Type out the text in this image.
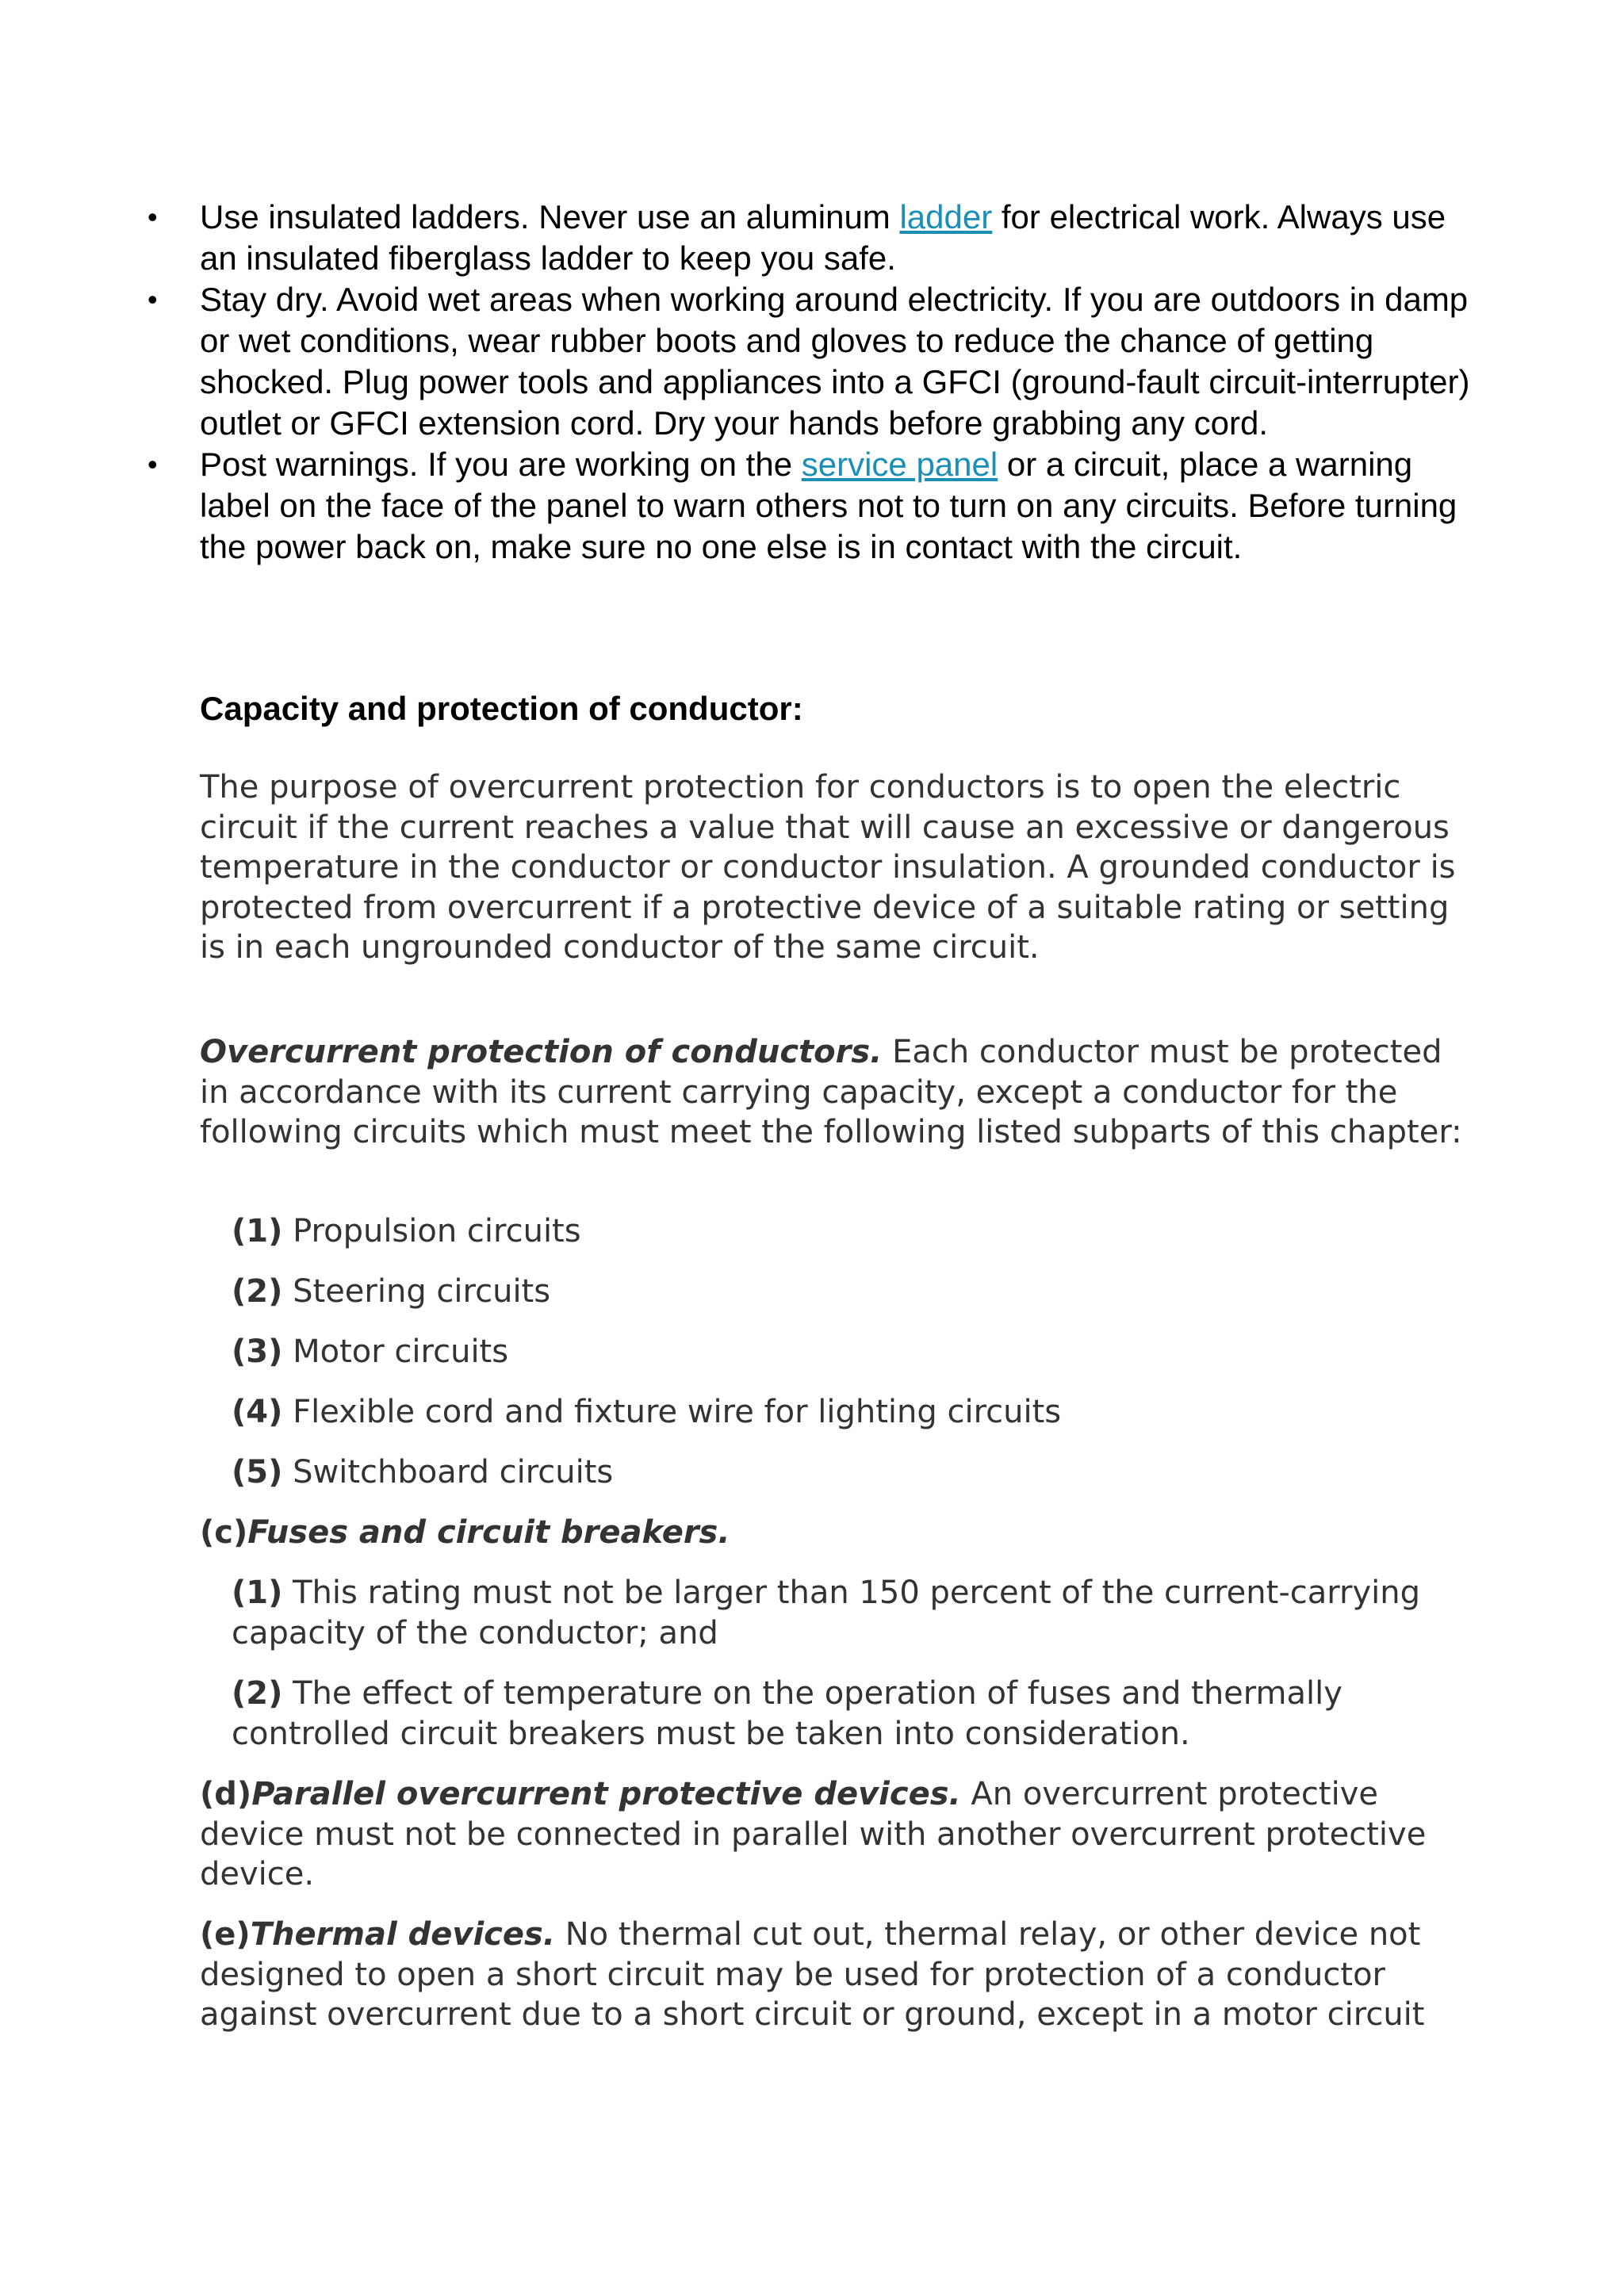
•	Use insulated ladders. Never use an aluminum ladder for electrical work. Always use an insulated fiberglass ladder to keep you safe.
•	Stay dry. Avoid wet areas when working around electricity. If you are outdoors in damp or wet conditions, wear rubber boots and gloves to reduce the chance of getting shocked. Plug power tools and appliances into a GFCI (ground-fault circuit-interrupter) outlet or GFCI extension cord. Dry your hands before grabbing any cord.
•	Post warnings. If you are working on the service panel or a circuit, place a warning label on the face of the panel to warn others not to turn on any circuits. Before turning the power back on, make sure no one else is in contact with the circuit.

Capacity and protection of conductor:

The purpose of overcurrent protection for conductors is to open the electric circuit if the current reaches a value that will cause an excessive or dangerous temperature in the conductor or conductor insulation. A grounded conductor is protected from overcurrent if a protective device of a suitable rating or setting is in each ungrounded conductor of the same circuit.

Overcurrent protection of conductors. Each conductor must be protected in accordance with its current carrying capacity, except a conductor for the following circuits which must meet the following listed subparts of this chapter:

(1) Propulsion circuits

(2) Steering circuits

(3) Motor circuits

(4) Flexible cord and fixture wire for lighting circuits

(5) Switchboard circuits

(c)Fuses and circuit breakers.

(1) This rating must not be larger than 150 percent of the current-carrying capacity of the conductor; and

(2) The effect of temperature on the operation of fuses and thermally controlled circuit breakers must be taken into consideration.

(d)Parallel overcurrent protective devices. An overcurrent protective device must not be connected in parallel with another overcurrent protective device.

(e)Thermal devices. No thermal cut out, thermal relay, or other device not designed to open a short circuit may be used for protection of a conductor against overcurrent due to a short circuit or ground, except in a motor circuit
